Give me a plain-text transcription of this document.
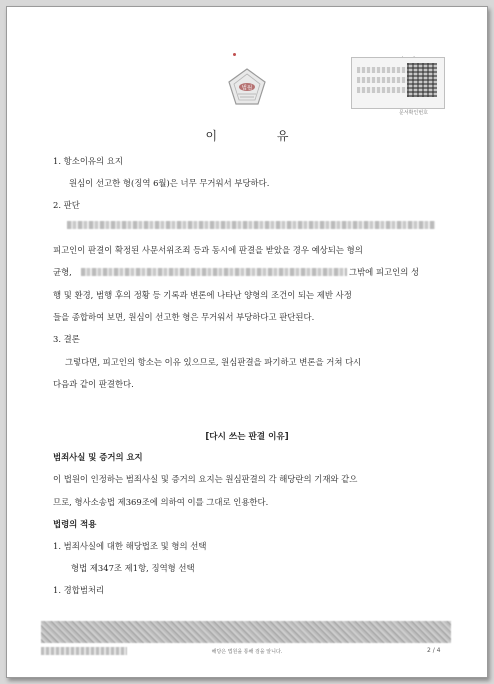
법원
문서확인번호
이 유
1. 항소이유의 요지
원심이 선고한 형(징역 6월)은 너무 무거워서 부당하다.
2. 판단
피고인이 판결이 확정된 사문서위조죄 등과 동시에 판결을 받았을 경우 예상되는 형의
균형,	그밖에 피고인의 성
행 및 환경, 범행 후의 정황 등 기록과 변론에 나타난 양형의 조건이 되는 제반 사정
들을 종합하여 보면, 원심이 선고한 형은 무거워서 부당하다고 판단된다.
3. 결론
그렇다면, 피고인의 항소는 이유 있으므로, 원심판결을 파기하고 변론을 거쳐 다시
다음과 같이 판결한다.
[다시 쓰는 판결 이유]
범죄사실 및 증거의 요지
이 법원이 인정하는 범죄사실 및 증거의 요지는 원심판결의 각 해당란의 기재와 같으
므로, 형사소송법 제369조에 의하여 이를 그대로 인용한다.
법령의 적용
1. 범죄사실에 대한 해당법조 및 형의 선택
형법 제347조 제1항, 징역형 선택
1. 경합범처리
해당은 법원을 통해 검을 알니다.	2 / 4
